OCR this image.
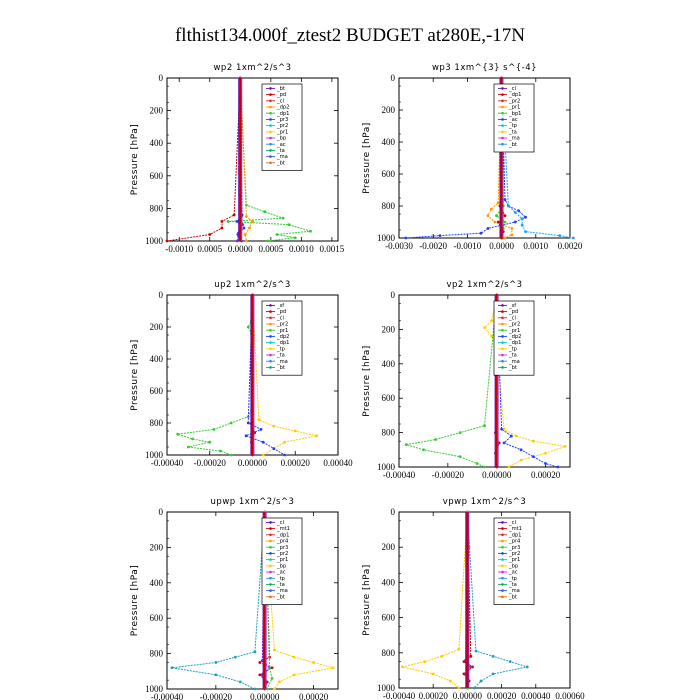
flthist134.000f_ztest2 BUDGET at280E,-17N
wp2 1xm^2/s^3
Pressure [hPa]
0
200
400
600
800
1000
-0.0010 0.0005 0.0000 0.0005 0.0010 0.0015
_bt
_pd
_cl
_dp2
_dp1
_pr3
_pr2
_pr1
_bp
_ac
_ta
_ma
_bt
wp3 1xm^{3} s^{-4}
Pressure [hPa]
0
200
400
600
800
1000
-0.0030 -0.0020 -0.0010 0.0000 0.0010 0.0020
_cl
_dp1
_pr2
_pr1
_bp1
_ac
_tp
_ta
_ma
_bt
up2 1xm^2/s^3
Pressure [hPa]
0
200
400
600
800
1000
-0.00040 -0.00020 0.00000 0.00020 0.00040
_sf
_pd
_cl
_pr2
_pr1
_dp2
_dp1
_tp
_ta
_ma
_bt
vp2 1xm^2/s^3
Pressure [hPa]
0
200
400
600
800
1000
-0.00040 -0.00020 0.00000 0.00020
_sf
_pd
_cl
_pr2
_pr1
_dp2
_dp1
_tp
_ta
_ma
_bt
upwp 1xm^2/s^3
Pressure [hPa]
0
200
400
600
800
1000
-0.00040 -0.00020 0.00000 0.00020
_cl
_mt1
_dp1
_pr4
_pr3
_pr2
_pr1
_bp
_ac
_tp
_ta
_ma
_bt
vpwp 1xm^2/s^3
Pressure [hPa]
0
200
400
600
800
1000
-0.00040 0.00020 0.00000 0.00020 0.00040 0.00060
_cl
_mt1
_dp1
_pr4
_pr3
_pr2
_pr1
_bp
_ac
_tp
_ta
_ma
_bt
